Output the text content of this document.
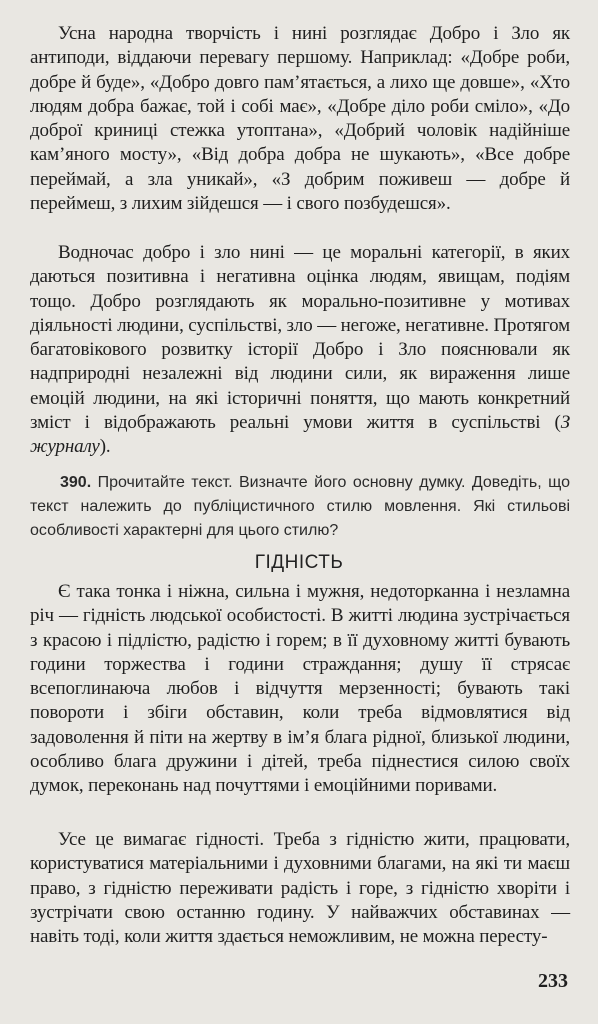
Усна народна творчість і нині розглядає Добро і Зло як антиподи, віддаючи перевагу першому. Наприклад: «Добре роби, добре й буде», «Добро довго пам’ятається, а лихо ще довше», «Хто людям добра бажає, той і собі має», «Добре діло роби сміло», «До доброї криниці стежка утоптана», «Добрий чоловік надійніше кам’яного мосту», «Від добра добра не шукають», «Все добре переймай, а зла уникай», «З добрим поживеш — добре й переймеш, з лихим зійдешся — і свого позбудешся».

Водночас добро і зло нині — це моральні категорії, в яких даються позитивна і негативна оцінка людям, явищам, подіям тощо. Добро розглядають як морально-позитивне у мотивах діяльності людини, суспільстві, зло — негоже, негативне. Протягом багатовікового розвитку історії Добро і Зло пояснювали як надприродні незалежні від людини сили, як вираження лише емоцій людини, на які історичні поняття, що мають конкретний зміст і відображають реальні умови життя в суспільстві (З журналу).

390. Прочитайте текст. Визначте його основну думку. Доведіть, що текст належить до публіцистичного стилю мовлення. Які стильові особливості характерні для цього стилю?

ГІДНІСТЬ

Є така тонка і ніжна, сильна і мужня, недоторканна і незламна річ — гідність людської особистості. В житті людина зустрічається з красою і підлістю, радістю і горем; в її духовному житті бувають години торжества і години страждання; душу її стрясає всепоглинаюча любов і відчуття мерзенності; бувають такі повороти і збіги обставин, коли треба відмовлятися від задоволення й піти на жертву в ім’я блага рідної, близької людини, особливо блага дружини і дітей, треба піднестися силою своїх думок, переконань над почуттями і емоційними поривами.

Усе це вимагає гідності. Треба з гідністю жити, працювати, користуватися матеріальними і духовними благами, на які ти маєш право, з гідністю переживати радість і горе, з гідністю хворіти і зустрічати свою останню годину. У найважчих обставинах — навіть тоді, коли життя здається неможливим, не можна пересту-

233
